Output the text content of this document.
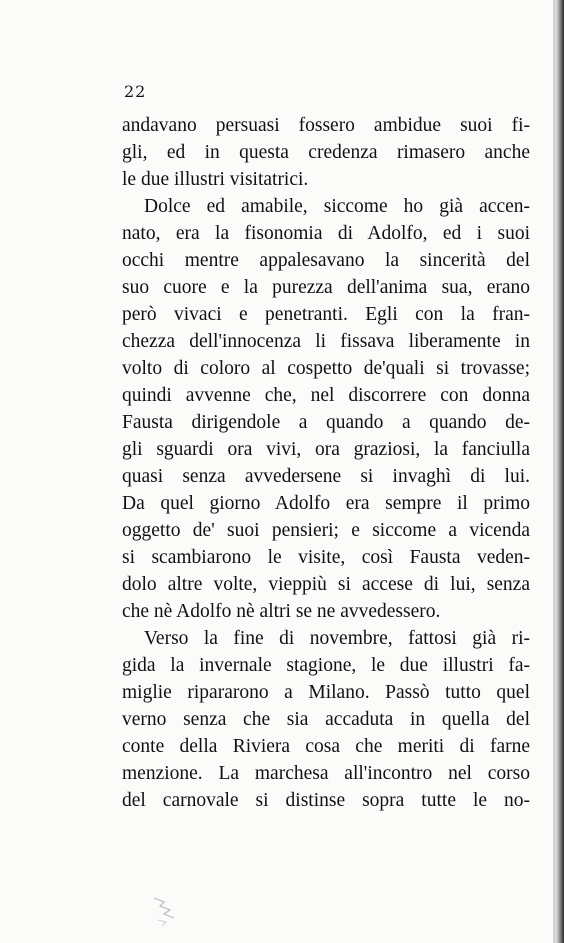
22
andavano persuasi fossero ambidue suoi fi-
gli, ed in questa credenza rimasero anche
le due illustri visitatrici.
Dolce ed amabile, siccome ho già accen-
nato, era la fisonomia di Adolfo, ed i suoi
occhi mentre appalesavano la sincerità del
suo cuore e la purezza dell'anima sua, erano
però vivaci e penetranti. Egli con la fran-
chezza dell'innocenza li fissava liberamente in
volto di coloro al cospetto de'quali si trovasse;
quindi avvenne che, nel discorrere con donna
Fausta dirigendole a quando a quando de-
gli sguardi ora vivi, ora graziosi, la fanciulla
quasi senza avvedersene si invaghì di lui.
Da quel giorno Adolfo era sempre il primo
oggetto de' suoi pensieri; e siccome a vicenda
si scambiarono le visite, così Fausta veden-
dolo altre volte, vieppiù si accese di lui, senza
che nè Adolfo nè altri se ne avvedessero.
Verso la fine di novembre, fattosi già ri-
gida la invernale stagione, le due illustri fa-
miglie ripararono a Milano. Passò tutto quel
verno senza che sia accaduta in quella del
conte della Riviera cosa che meriti di farne
menzione. La marchesa all'incontro nel corso
del carnovale si distinse sopra tutte le no-
